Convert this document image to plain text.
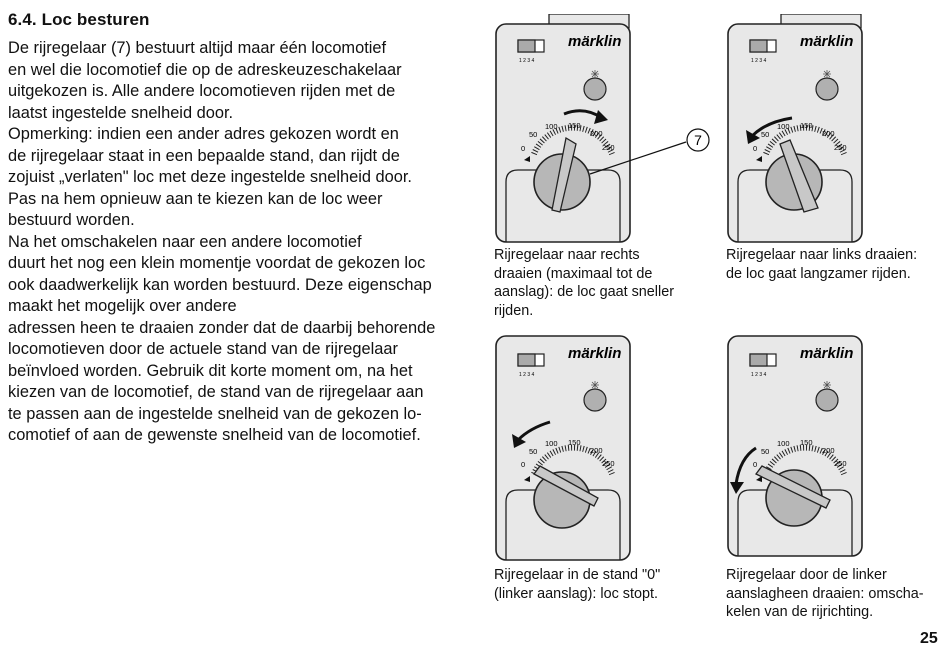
6.4. Loc besturen

De rijregelaar (7) bestuurt altijd maar één locomotief

en wel die locomotief die op de adreskeuzeschakelaar

uitgekozen is. Alle andere locomotieven rijden met de

laatst ingestelde snelheid door.

Opmerking: indien een ander adres gekozen wordt en

de rijregelaar staat in een bepaalde stand, dan rijdt de

zojuist „verlaten" loc met deze ingestelde snelheid door.

Pas na hem opnieuw aan te kiezen kan de loc weer

bestuurd worden.

Na het omschakelen naar een andere locomotief

duurt het nog een klein momentje voordat de gekozen loc

ook daadwerkelijk kan worden bestuurd. Deze eigenschap

maakt het mogelijk over andere

adressen heen te draaien zonder dat de daarbij behorende

locomotieven door de actuele stand van de rijregelaar

beïnvloed worden. Gebruik dit korte moment om, na het

kiezen van de locomotief, de stand van de rijregelaar aan

te passen aan de ingestelde snelheid van de gekozen lo-

comotief of aan de gewenste snelheid van de locomotief.

märklin
1 2 3 4
0
50
100 150
200
250	7
märklin
1 2 3 4
0
50
100 150
200
250
märklin
1 2 3 4
0
50
100 150
200
250
märklin
1 2 3 4
0
50
100 150
200
250
Rijregelaar naar rechts
draaien (maximaal tot de
aanslag): de loc gaat sneller
rijden.
Rijregelaar naar links draaien:
de loc gaat langzamer rijden.
Rijregelaar in de stand "0"
(linker aanslag): loc stopt.
Rijregelaar door de linker
aanslagheen draaien: omscha-
kelen van de rijrichting.
25
